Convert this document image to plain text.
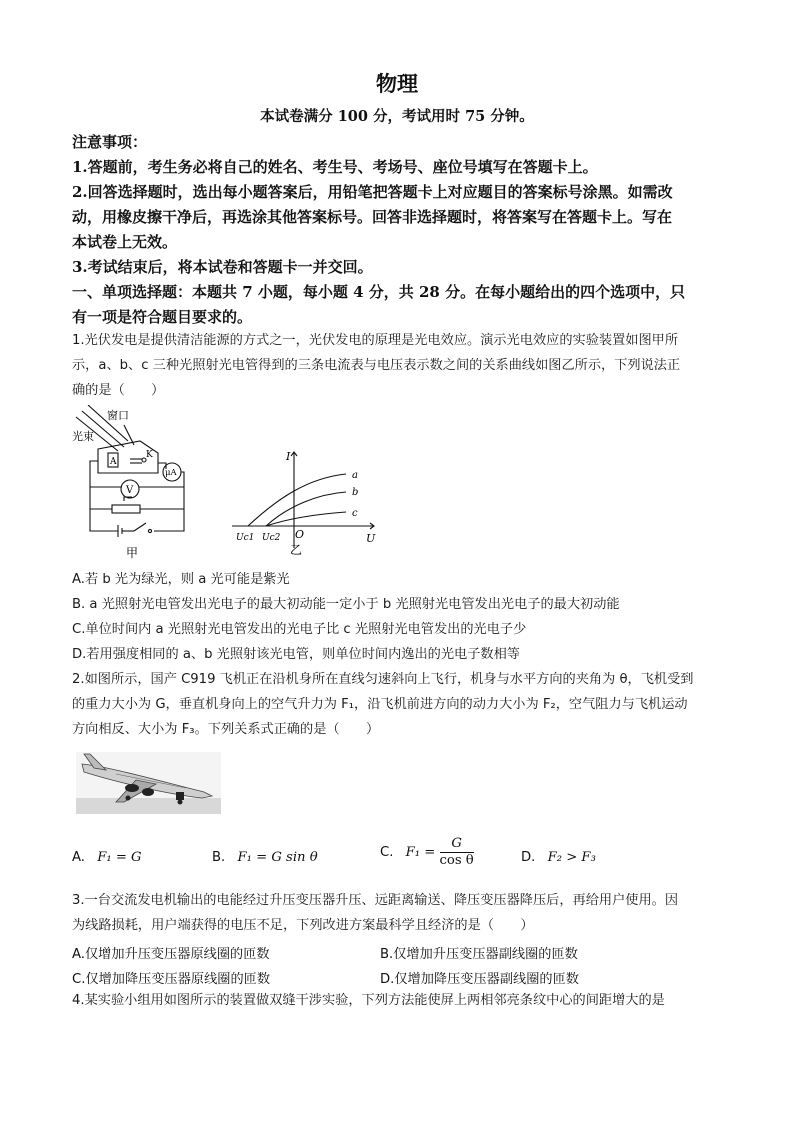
物理
本试卷满分 100 分，考试用时 75 分钟。
注意事项：
1.答题前，考生务必将自己的姓名、考生号、考场号、座位号填写在答题卡上。
2.回答选择题时，选出每小题答案后，用铅笔把答题卡上对应题目的答案标号涂黑。如需改
动，用橡皮擦干净后，再选涂其他答案标号。回答非选择题时，将答案写在答题卡上。写在
本试卷上无效。
3.考试结束后，将本试卷和答题卡一并交回。
一、单项选择题：本题共 7 小题，每小题 4 分，共 28 分。在每小题给出的四个选项中，只
有一项是符合题目要求的。
1.光伏发电是提供清洁能源的方式之一，光伏发电的原理是光电效应。演示光电效应的实验装置如图甲所
示，a、b、c 三种光照射光电管得到的三条电流表与电压表示数之间的关系曲线如图乙所示，下列说法正
确的是（　　）
窗口
光束
A
K
μA
V
甲
I
U
O
Uc1 Uc2
a
b
c
乙
A.若 b 光为绿光，则 a 光可能是紫光
B. a 光照射光电管发出光电子的最大初动能一定小于 b 光照射光电管发出光电子的最大初动能
C.单位时间内 a 光照射光电管发出的光电子比 c 光照射光电管发出的光电子少
D.若用强度相同的 a、b 光照射该光电管，则单位时间内逸出的光电子数相等
2.如图所示，国产 C919 飞机正在沿机身所在直线匀速斜向上飞行，机身与水平方向的夹角为 θ，飞机受到
的重力大小为 G，垂直机身向上的空气升力为 F₁，沿飞机前进方向的动力大小为 F₂，空气阻力与飞机运动
方向相反、大小为 F₃。下列关系式正确的是（　　）
A. F₁ = G	B. F₁ = G sin θ	C. $F_1 = \frac{G}{\text{cos θ}}$	D. F₂ > F₃
3.一台交流发电机输出的电能经过升压变压器升压、远距离输送、降压变压器降压后，再给用户使用。因
为线路损耗，用户端获得的电压不足，下列改进方案最科学且经济的是（　　）
A.仅增加升压变压器原线圈的匝数	B.仅增加升压变压器副线圈的匝数
C.仅增加降压变压器原线圈的匝数	D.仅增加降压变压器副线圈的匝数
4.某实验小组用如图所示的装置做双缝干涉实验，下列方法能使屏上两相邻亮条纹中心的间距增大的是
